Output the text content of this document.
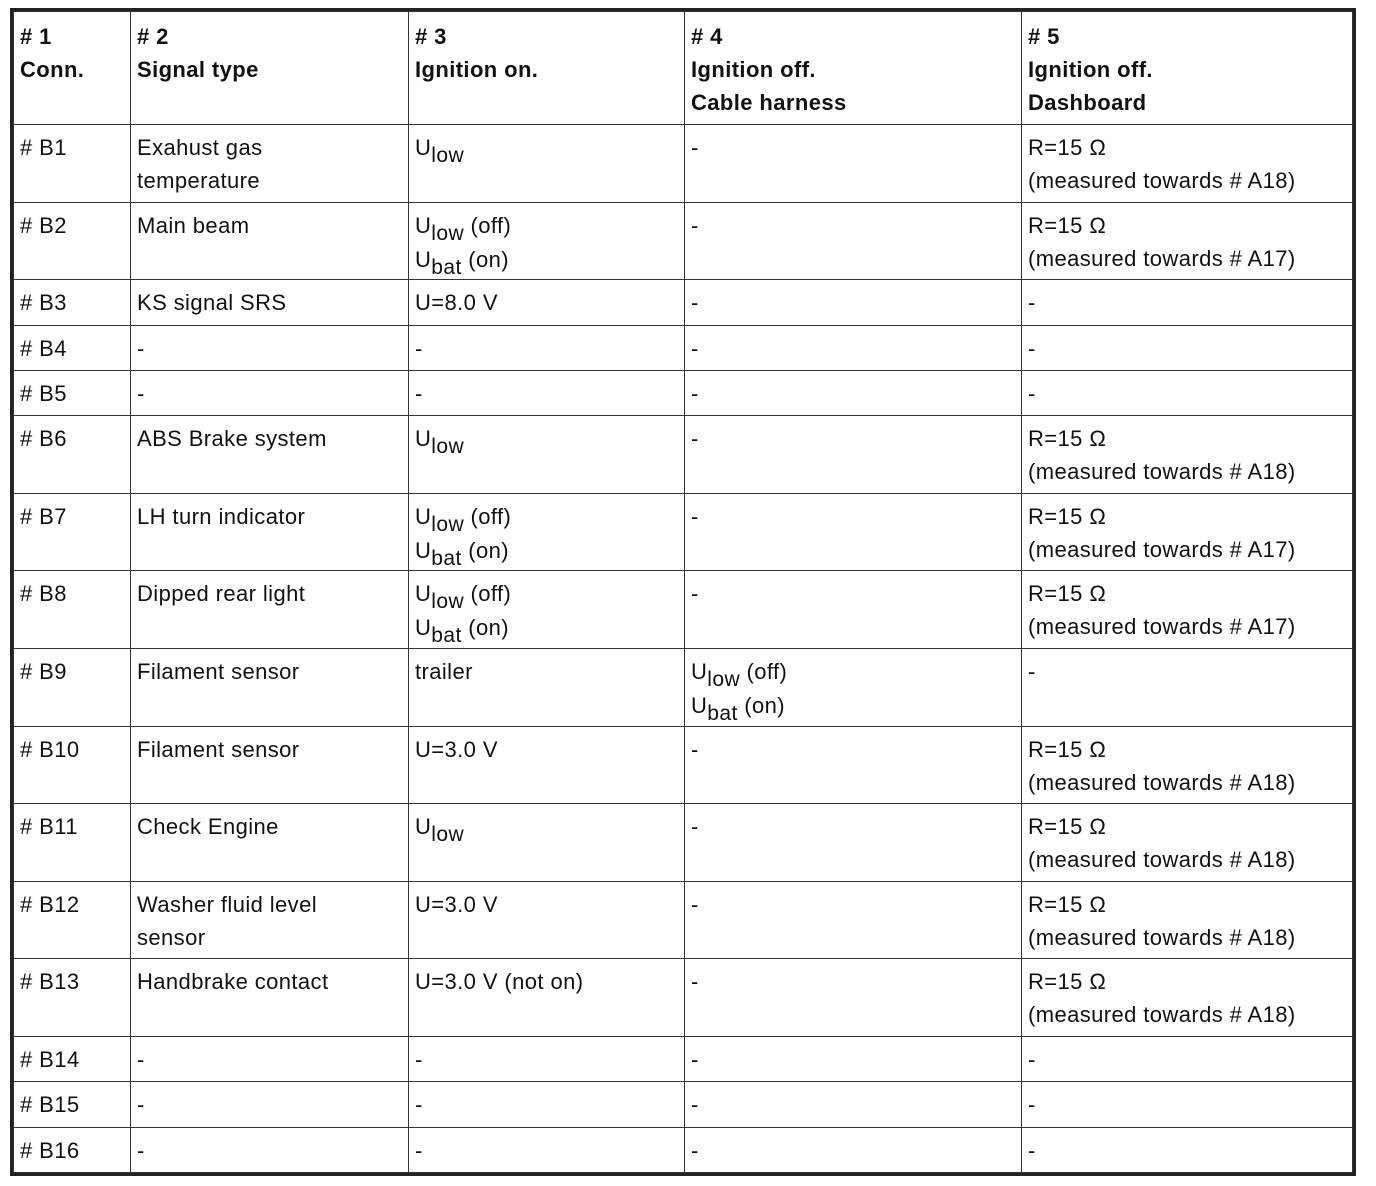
# 1
Conn.	# 2
Signal type	# 3
Ignition on.	# 4
Ignition off.
Cable harness	# 5
Ignition off.
Dashboard

# B1	Exahust gas
temperature	Ulow	-	R=15 Ω
(measured towards # A18)

# B2	Main beam	Ulow (off)
Ubat (on)	-	R=15 Ω
(measured towards # A17)

# B3	KS signal SRS	U=8.0 V	-	-

# B4	-	-	-	-

# B5	-	-	-	-

# B6	ABS Brake system	Ulow	-	R=15 Ω
(measured towards # A18)

# B7	LH turn indicator	Ulow (off)
Ubat (on)	-	R=15 Ω
(measured towards # A17)

# B8	Dipped rear light	Ulow (off)
Ubat (on)	-	R=15 Ω
(measured towards # A17)

# B9	Filament sensor	trailer	Ulow (off)
Ubat (on)	-

# B10	Filament sensor	U=3.0 V	-	R=15 Ω
(measured towards # A18)

# B11	Check Engine	Ulow	-	R=15 Ω
(measured towards # A18)

# B12	Washer fluid level
sensor	U=3.0 V	-	R=15 Ω
(measured towards # A18)

# B13	Handbrake contact	U=3.0 V (not on)	-	R=15 Ω
(measured towards # A18)

# B14	-	-	-	-

# B15	-	-	-	-

# B16	-	-	-	-
